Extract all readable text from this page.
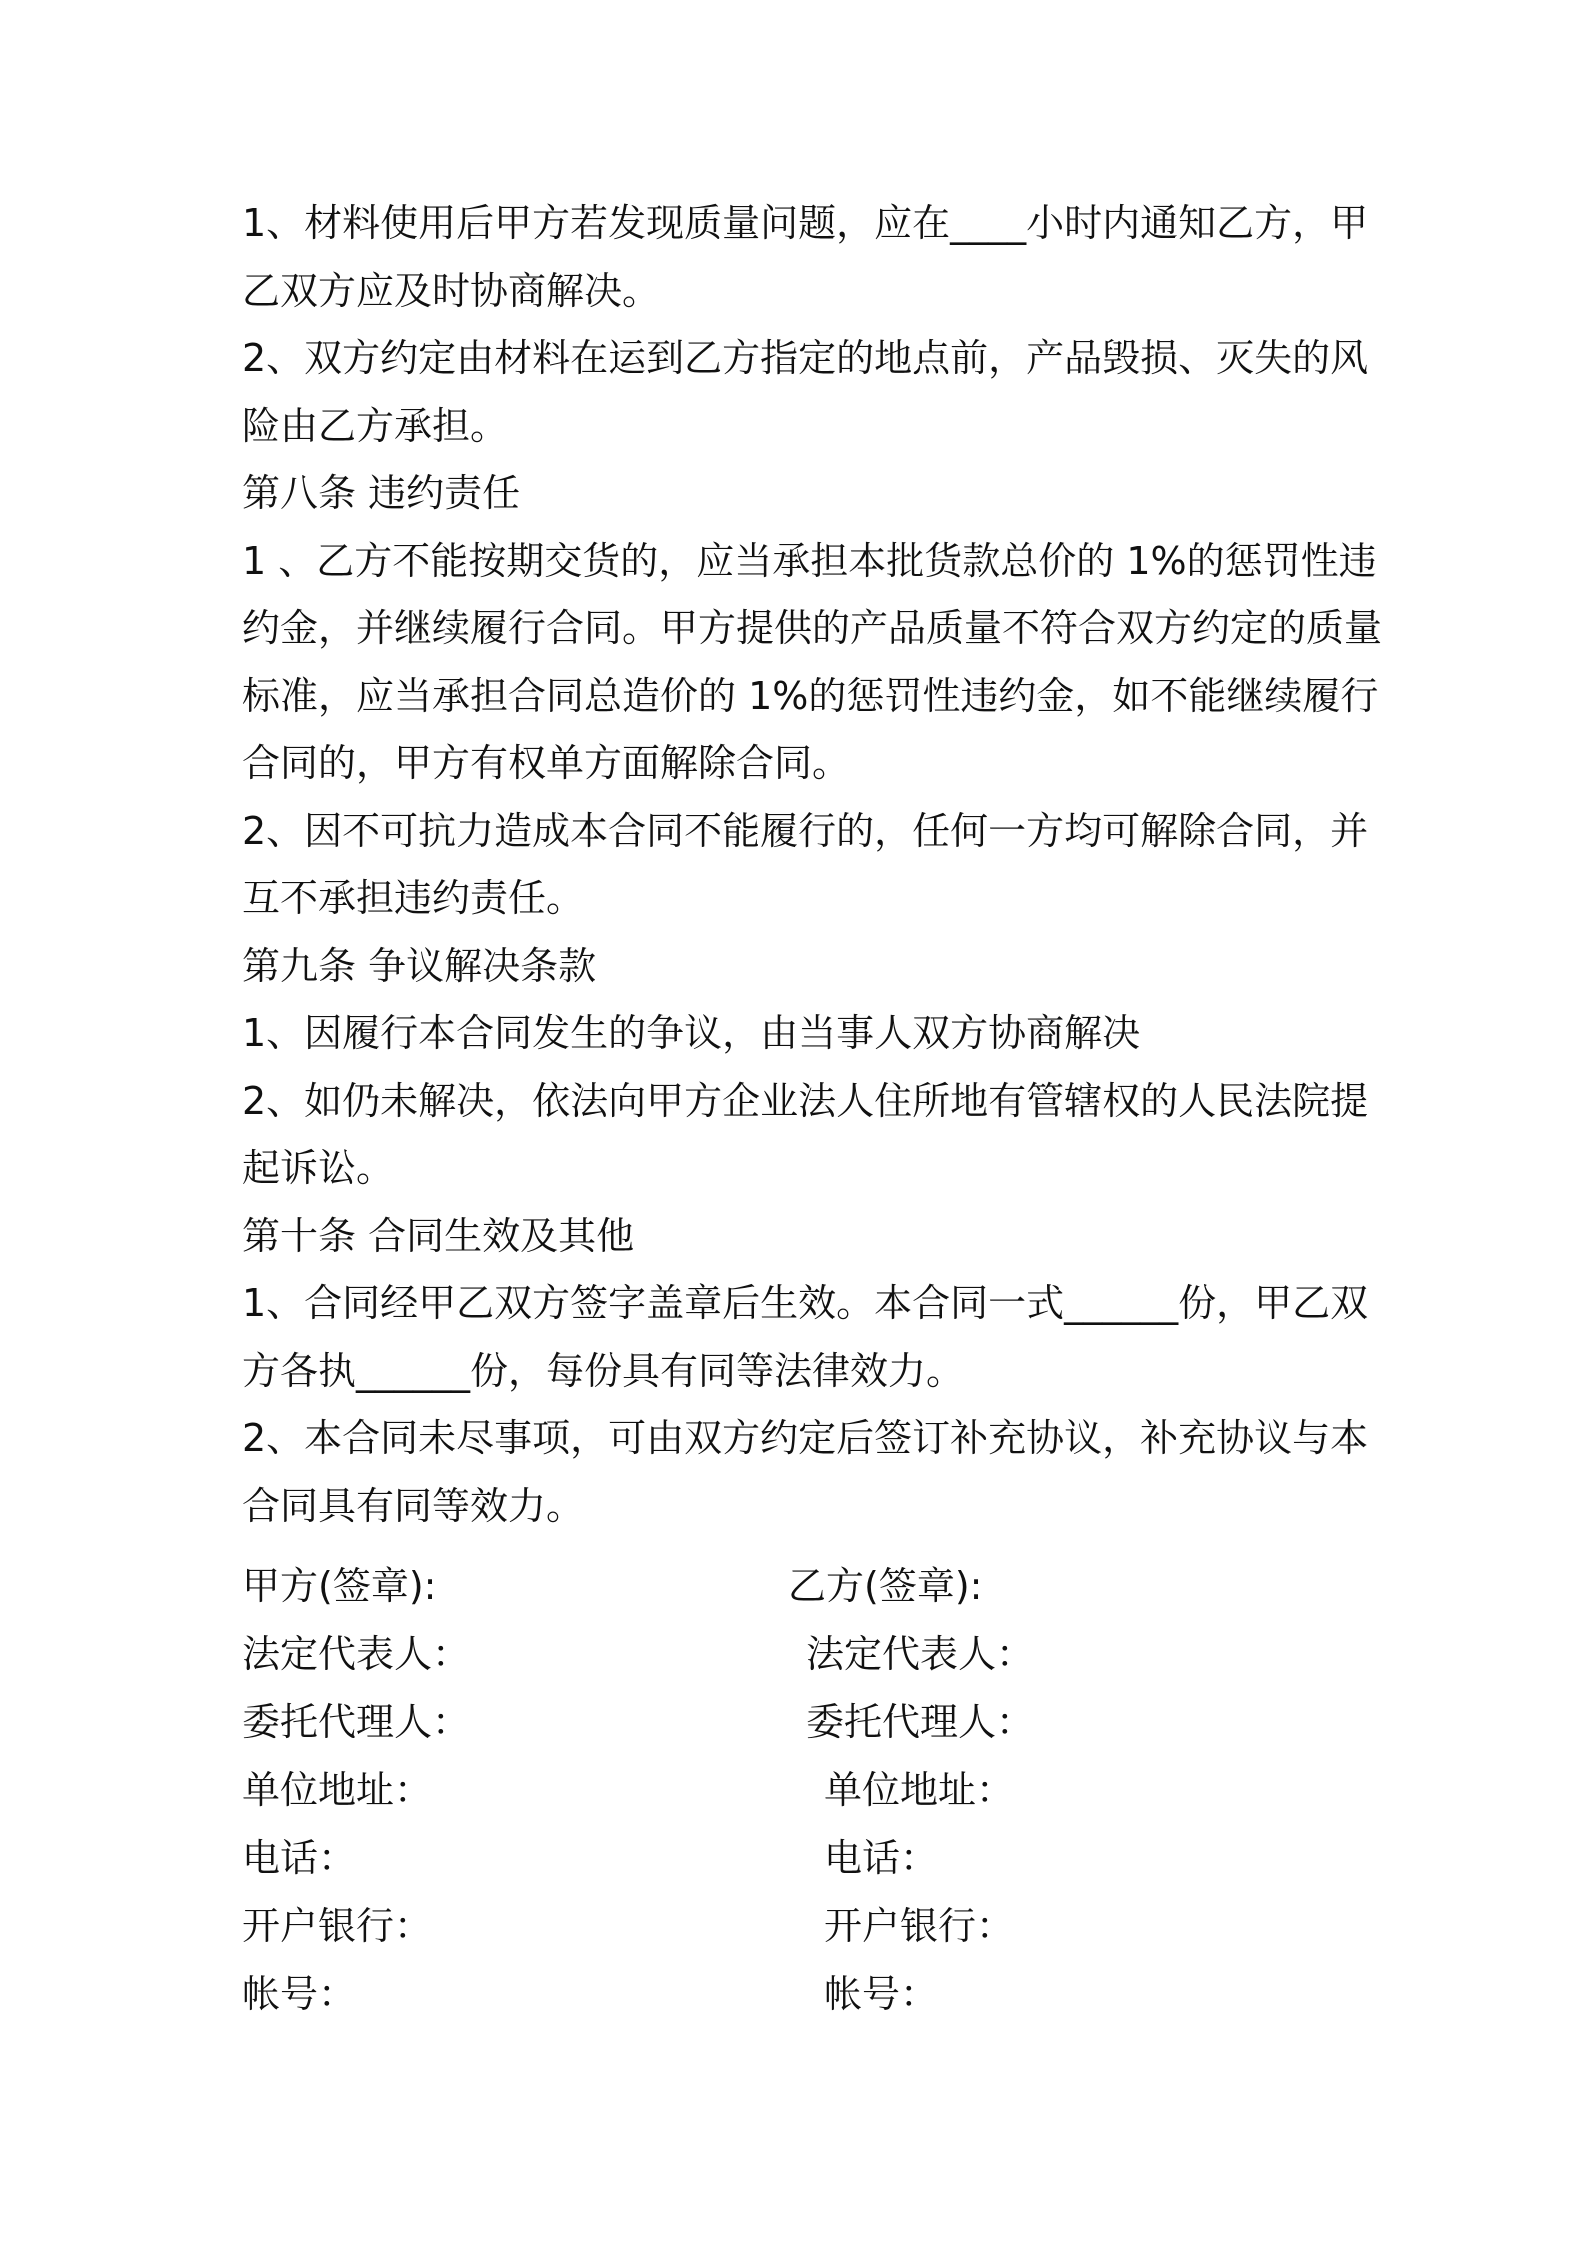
1、材料使用后甲方若发现质量问题，应在____小时内通知乙方，甲

乙双方应及时协商解决。

2、双方约定由材料在运到乙方指定的地点前，产品毁损、灭失的风

险由乙方承担。

第八条 违约责任

1 、乙方不能按期交货的，应当承担本批货款总价的 1%的惩罚性违

约金，并继续履行合同。甲方提供的产品质量不符合双方约定的质量

标准，应当承担合同总造价的 1%的惩罚性违约金，如不能继续履行

合同的，甲方有权单方面解除合同。

2、因不可抗力造成本合同不能履行的，任何一方均可解除合同，并

互不承担违约责任。

第九条 争议解决条款

1、因履行本合同发生的争议，由当事人双方协商解决

2、如仍未解决，依法向甲方企业法人住所地有管辖权的人民法院提

起诉讼。

第十条 合同生效及其他

1、合同经甲乙双方签字盖章后生效。本合同一式______份，甲乙双

方各执______份，每份具有同等法律效力。

2、本合同未尽事项，可由双方约定后签订补充协议，补充协议与本

合同具有同等效力。

甲方(签章):	乙方(签章):
法定代表人：	法定代表人：
委托代理人：	委托代理人：
单位地址：	单位地址：
电话：	电话：
开户银行：	开户银行：
帐号：	帐号：
